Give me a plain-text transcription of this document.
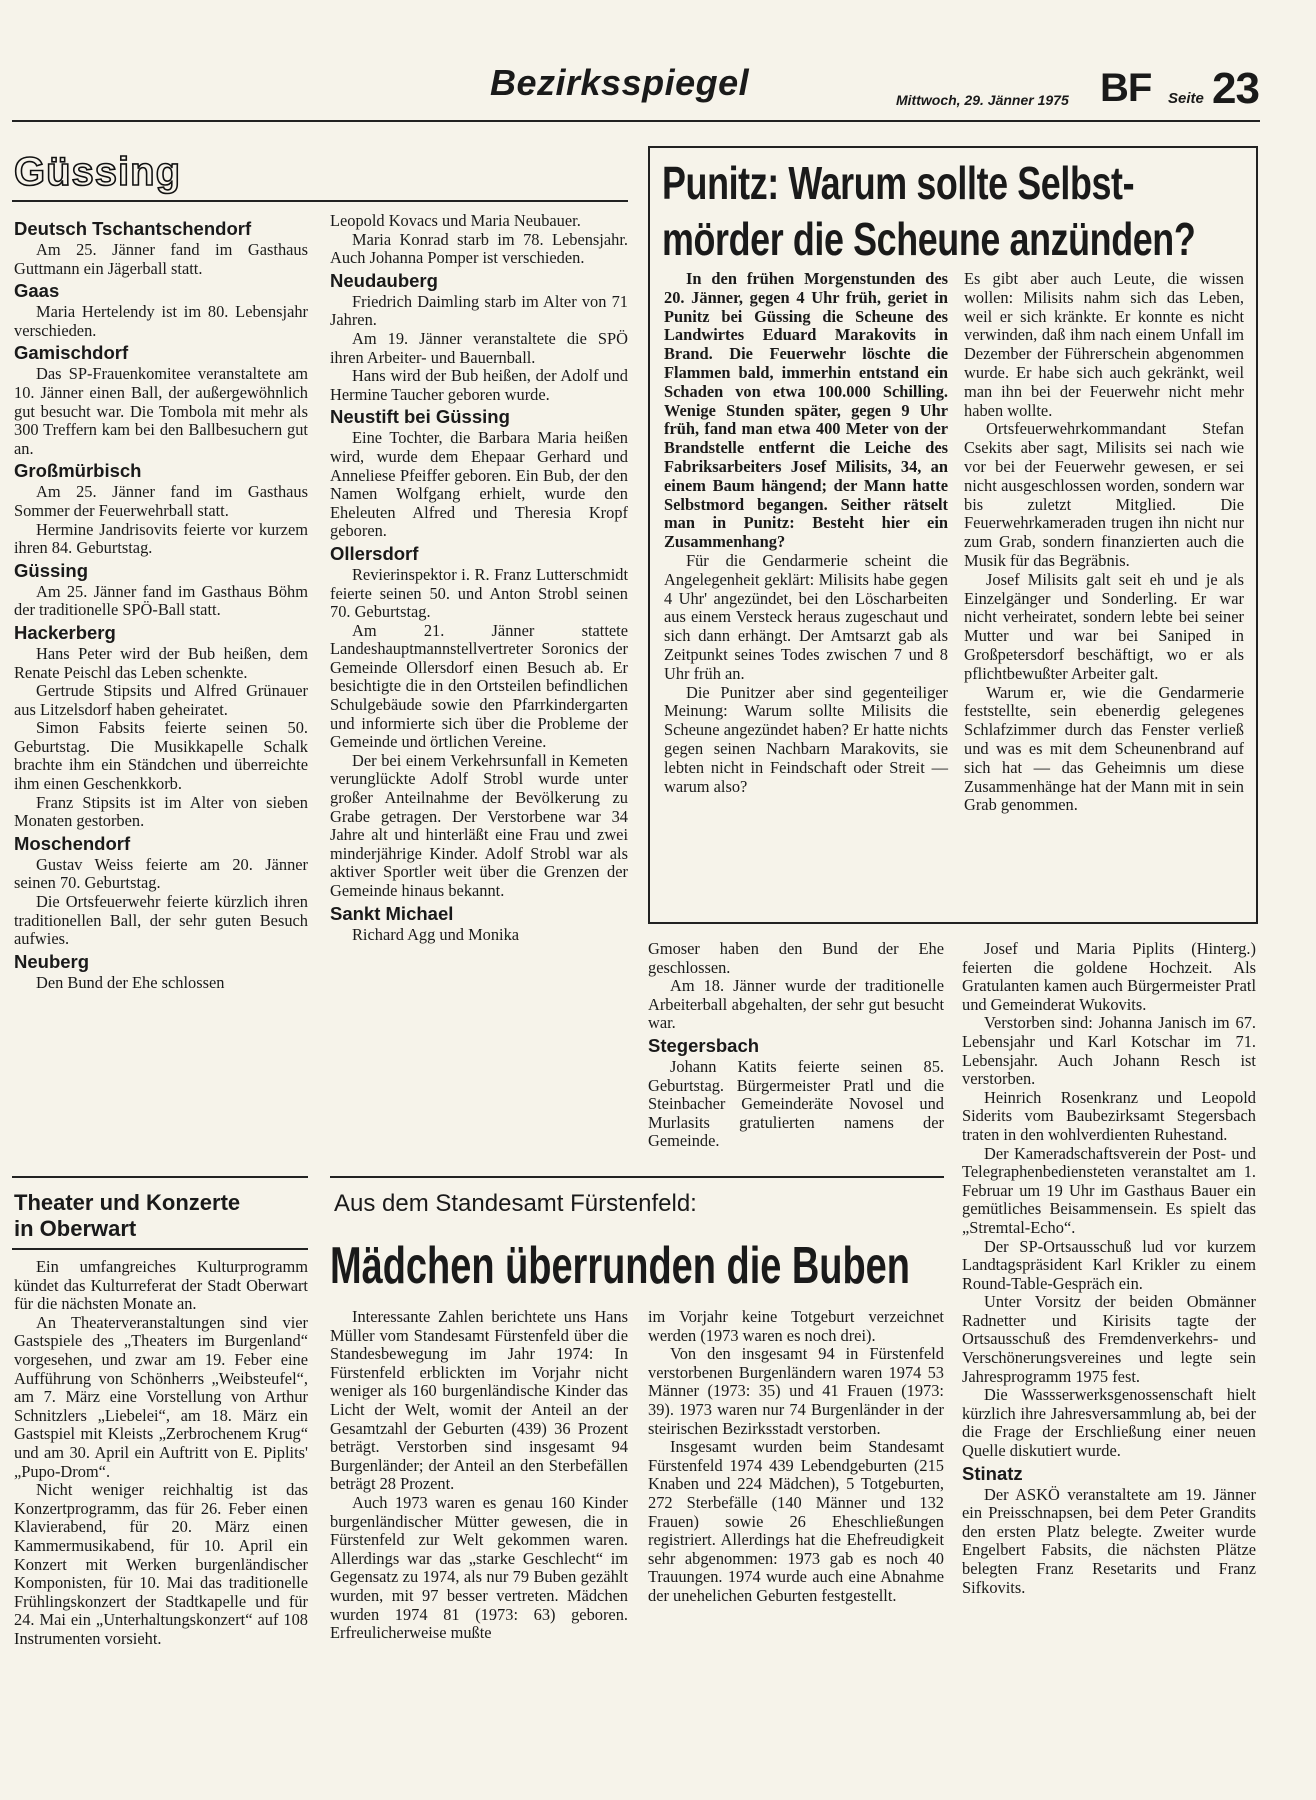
Bezirksspiegel	Mittwoch, 29. Jänner 1975 BF Seite 23
Güssing
Deutsch Tschantschendorf

Am 25. Jänner fand im Gasthaus Guttmann ein Jägerball statt.

Gaas

Maria Hertelendy ist im 80. Lebensjahr verschieden.

Gamischdorf

Das SP-Frauenkomitee veranstaltete am 10. Jänner einen Ball, der außergewöhnlich gut besucht war. Die Tombola mit mehr als 300 Treffern kam bei den Ballbesuchern gut an.

Großmürbisch

Am 25. Jänner fand im Gasthaus Sommer der Feuerwehrball statt.

Hermine Jandrisovits feierte vor kurzem ihren 84. Geburtstag.

Güssing

Am 25. Jänner fand im Gasthaus Böhm der traditionelle SPÖ-Ball statt.

Hackerberg

Hans Peter wird der Bub heißen, dem Renate Peischl das Leben schenkte.

Gertrude Stipsits und Alfred Grünauer aus Litzelsdorf haben geheiratet.

Simon Fabsits feierte seinen 50. Geburtstag. Die Musikkapelle Schalk brachte ihm ein Ständchen und überreichte ihm einen Geschenkkorb.

Franz Stipsits ist im Alter von sieben Monaten gestorben.

Moschendorf

Gustav Weiss feierte am 20. Jänner seinen 70. Geburtstag.

Die Ortsfeuerwehr feierte kürzlich ihren traditionellen Ball, der sehr guten Besuch aufwies.

Neuberg

Den Bund der Ehe schlossen

Leopold Kovacs und Maria Neubauer.

Maria Konrad starb im 78. Lebensjahr. Auch Johanna Pomper ist verschieden.

Neudauberg

Friedrich Daimling starb im Alter von 71 Jahren.

Am 19. Jänner veranstaltete die SPÖ ihren Arbeiter- und Bauernball.

Hans wird der Bub heißen, der Adolf und Hermine Taucher geboren wurde.

Neustift bei Güssing

Eine Tochter, die Barbara Maria heißen wird, wurde dem Ehepaar Gerhard und Anneliese Pfeiffer geboren. Ein Bub, der den Namen Wolfgang erhielt, wurde den Eheleuten Alfred und Theresia Kropf geboren.

Ollersdorf

Revierinspektor i. R. Franz Lutterschmidt feierte seinen 50. und Anton Strobl seinen 70. Geburtstag.

Am 21. Jänner stattete Landeshauptmannstellvertreter Soronics der Gemeinde Ollersdorf einen Besuch ab. Er besichtigte die in den Ortsteilen befindlichen Schulgebäude sowie den Pfarrkindergarten und informierte sich über die Probleme der Gemeinde und örtlichen Vereine.

Der bei einem Verkehrsunfall in Kemeten verunglückte Adolf Strobl wurde unter großer Anteilnahme der Bevölkerung zu Grabe getragen. Der Verstorbene war 34 Jahre alt und hinterläßt eine Frau und zwei minderjährige Kinder. Adolf Strobl war als aktiver Sportler weit über die Grenzen der Gemeinde hinaus bekannt.

Sankt Michael

Richard Agg und Monika

Punitz: Warum sollte Selbst-
mörder die Scheune anzünden?

In den frühen Morgenstunden des 20. Jänner, gegen 4 Uhr früh, geriet in Punitz bei Güssing die Scheune des Landwirtes Eduard Marakovits in Brand. Die Feuerwehr löschte die Flammen bald, immerhin entstand ein Schaden von etwa 100.000 Schilling. Wenige Stunden später, gegen 9 Uhr früh, fand man etwa 400 Meter von der Brandstelle entfernt die Leiche des Fabriksarbeiters Josef Milisits, 34, an einem Baum hängend; der Mann hatte Selbstmord begangen. Seither rätselt man in Punitz: Besteht hier ein Zusammenhang?

Für die Gendarmerie scheint die Angelegenheit geklärt: Milisits habe gegen 4 Uhr' angezündet, bei den Löscharbeiten aus einem Versteck heraus zugeschaut und sich dann erhängt. Der Amtsarzt gab als Zeitpunkt seines Todes zwischen 7 und 8 Uhr früh an.

Die Punitzer aber sind gegenteiliger Meinung: Warum sollte Milisits die Scheune angezündet haben? Er hatte nichts gegen seinen Nachbarn Marakovits, sie lebten nicht in Feindschaft oder Streit — warum also?

Es gibt aber auch Leute, die wissen wollen: Milisits nahm sich das Leben, weil er sich kränkte. Er konnte es nicht verwinden, daß ihm nach einem Unfall im Dezember der Führerschein abgenommen wurde. Er habe sich auch gekränkt, weil man ihn bei der Feuerwehr nicht mehr haben wollte.

Ortsfeuerwehrkommandant Stefan Csekits aber sagt, Milisits sei nach wie vor bei der Feuerwehr gewesen, er sei nicht ausgeschlossen worden, sondern war bis zuletzt Mitglied. Die Feuerwehrkameraden trugen ihn nicht nur zum Grab, sondern finanzierten auch die Musik für das Begräbnis.

Josef Milisits galt seit eh und je als Einzelgänger und Sonderling. Er war nicht verheiratet, sondern lebte bei seiner Mutter und war bei Saniped in Großpetersdorf beschäftigt, wo er als pflichtbewußter Arbeiter galt.

Warum er, wie die Gendarmerie feststellte, sein ebenerdig gelegenes Schlafzimmer durch das Fenster verließ und was es mit dem Scheunenbrand auf sich hat — das Geheimnis um diese Zusammenhänge hat der Mann mit in sein Grab genommen.

Gmoser haben den Bund der Ehe geschlossen.

Am 18. Jänner wurde der traditionelle Arbeiterball abgehalten, der sehr gut besucht war.

Stegersbach

Johann Katits feierte seinen 85. Geburtstag. Bürgermeister Pratl und die Steinbacher Gemeinderäte Novosel und Murlasits gratulierten namens der Gemeinde.

Theater und Konzerte
in Oberwart

Ein umfangreiches Kulturprogramm kündet das Kulturreferat der Stadt Oberwart für die nächsten Monate an.

An Theaterveranstaltungen sind vier Gastspiele des „Theaters im Burgenland“ vorgesehen, und zwar am 19. Feber eine Aufführung von Schönherrs „Weibsteufel“, am 7. März eine Vorstellung von Arthur Schnitzlers „Liebelei“, am 18. März ein Gastspiel mit Kleists „Zerbrochenem Krug“ und am 30. April ein Auftritt von E. Piplits' „Pupo-Drom“.

Nicht weniger reichhaltig ist das Konzertprogramm, das für 26. Feber einen Klavierabend, für 20. März einen Kammermusikabend, für 10. April ein Konzert mit Werken burgenländischer Komponisten, für 10. Mai das traditionelle Frühlingskonzert der Stadtkapelle und für 24. Mai ein „Unterhaltungskonzert“ auf 108 Instrumenten vorsieht.

Aus dem Standesamt Fürstenfeld:
Mädchen überrunden die Buben

Interessante Zahlen berichtete uns Hans Müller vom Standesamt Fürstenfeld über die Standesbewegung im Jahr 1974: In Fürstenfeld erblickten im Vorjahr nicht weniger als 160 burgenländische Kinder das Licht der Welt, womit der Anteil an der Gesamtzahl der Geburten (439) 36 Prozent beträgt. Verstorben sind insgesamt 94 Burgenländer; der Anteil an den Sterbefällen beträgt 28 Prozent.

Auch 1973 waren es genau 160 Kinder burgenländischer Mütter gewesen, die in Fürstenfeld zur Welt gekommen waren. Allerdings war das „starke Geschlecht“ im Gegensatz zu 1974, als nur 79 Buben gezählt wurden, mit 97 besser vertreten. Mädchen wurden 1974 81 (1973: 63) geboren. Erfreulicherweise mußte

im Vorjahr keine Totgeburt verzeichnet werden (1973 waren es noch drei).

Von den insgesamt 94 in Fürstenfeld verstorbenen Burgenländern waren 1974 53 Männer (1973: 35) und 41 Frauen (1973: 39). 1973 waren nur 74 Burgenländer in der steirischen Bezirksstadt verstorben.

Insgesamt wurden beim Standesamt Fürstenfeld 1974 439 Lebendgeburten (215 Knaben und 224 Mädchen), 5 Totgeburten, 272 Sterbefälle (140 Männer und 132 Frauen) sowie 26 Eheschließungen registriert. Allerdings hat die Ehefreudigkeit sehr abgenommen: 1973 gab es noch 40 Trauungen. 1974 wurde auch eine Abnahme der unehelichen Geburten festgestellt.

Josef und Maria Piplits (Hinterg.) feierten die goldene Hochzeit. Als Gratulanten kamen auch Bürgermeister Pratl und Gemeinderat Wukovits.

Verstorben sind: Johanna Janisch im 67. Lebensjahr und Karl Kotschar im 71. Lebensjahr. Auch Johann Resch ist verstorben.

Heinrich Rosenkranz und Leopold Siderits vom Baubezirksamt Stegersbach traten in den wohlverdienten Ruhestand.

Der Kameradschaftsverein der Post- und Telegraphenbediensteten veranstaltet am 1. Februar um 19 Uhr im Gasthaus Bauer ein gemütliches Beisammensein. Es spielt das „Stremtal-Echo“.

Der SP-Ortsausschuß lud vor kurzem Landtagspräsident Karl Krikler zu einem Round-Table-Gespräch ein.

Unter Vorsitz der beiden Obmänner Radnetter und Kirisits tagte der Ortsausschuß des Fremdenverkehrs- und Verschönerungsvereines und legte sein Jahresprogramm 1975 fest.

Die Wassserwerksgenossenschaft hielt kürzlich ihre Jahresversammlung ab, bei der die Frage der Erschließung einer neuen Quelle diskutiert wurde.

Stinatz

Der ASKÖ veranstaltete am 19. Jänner ein Preisschnapsen, bei dem Peter Grandits den ersten Platz belegte. Zweiter wurde Engelbert Fabsits, die nächsten Plätze belegten Franz Resetarits und Franz Sifkovits.
